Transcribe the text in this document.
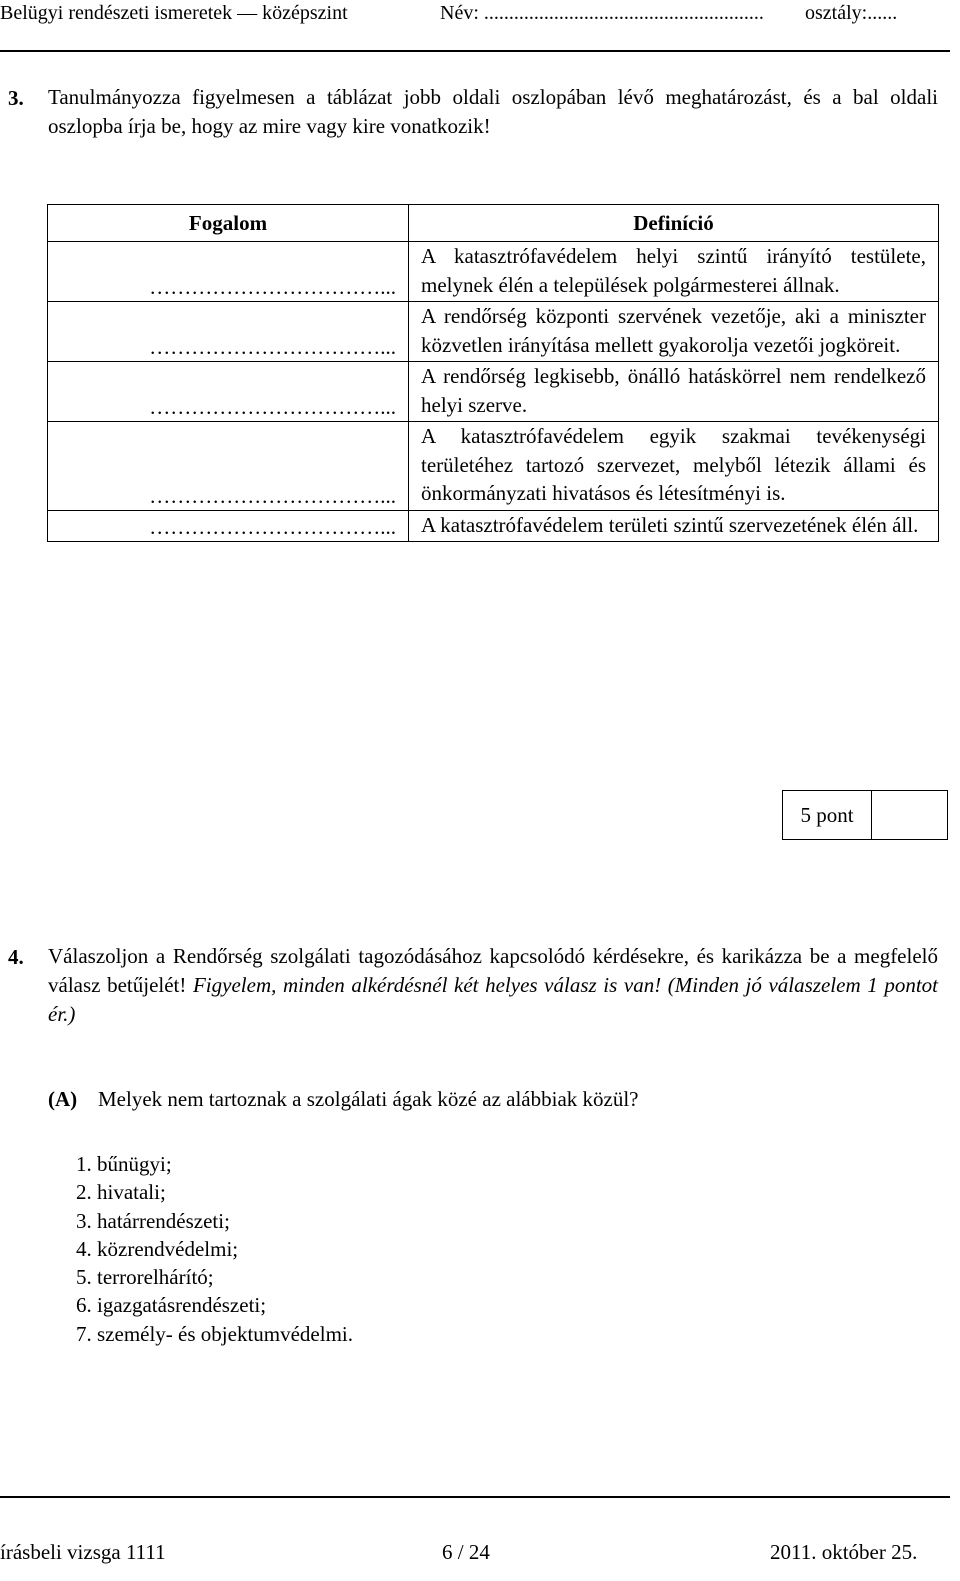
Belügyi rendészeti ismeretek — középszint	Név: ........................................................ osztály:......
3. Tanulmányozza figyelmesen a táblázat jobb oldali oszlopában lévő meghatározást, és a bal oldali oszlopba írja be, hogy az mire vagy kire vonatkozik!
Fogalom	Definíció
……………………………...	A katasztrófavédelem helyi szintű irányító testülete, melynek élén a települések polgármesterei állnak.
……………………………...	A rendőrség központi szervének vezetője, aki a miniszter közvetlen irányítása mellett gyakorolja vezetői jogköreit.
……………………………...	A rendőrség legkisebb, önálló hatáskörrel nem rendelkező helyi szerve.
……………………………...	A katasztrófavédelem egyik szakmai tevékenységi területéhez tartozó szervezet, melyből létezik állami és önkormányzati hivatásos és létesítményi is.
……………………………...	A katasztrófavédelem területi szintű szervezetének élén áll.
5 pont
4. Válaszoljon a Rendőrség szolgálati tagozódásához kapcsolódó kérdésekre, és karikázza be a megfelelő válasz betűjelét! Figyelem, minden alkérdésnél két helyes válasz is van! (Minden jó válaszelem 1 pontot ér.)
(A) Melyek nem tartoznak a szolgálati ágak közé az alábbiak közül?
1. bűnügyi;
2. hivatali;
3. határrendészeti;
4. közrendvédelmi;
5. terrorelhárító;
6. igazgatásrendészeti;
7. személy- és objektumvédelmi.
írásbeli vizsga 1111	6 / 24	2011. október 25.
